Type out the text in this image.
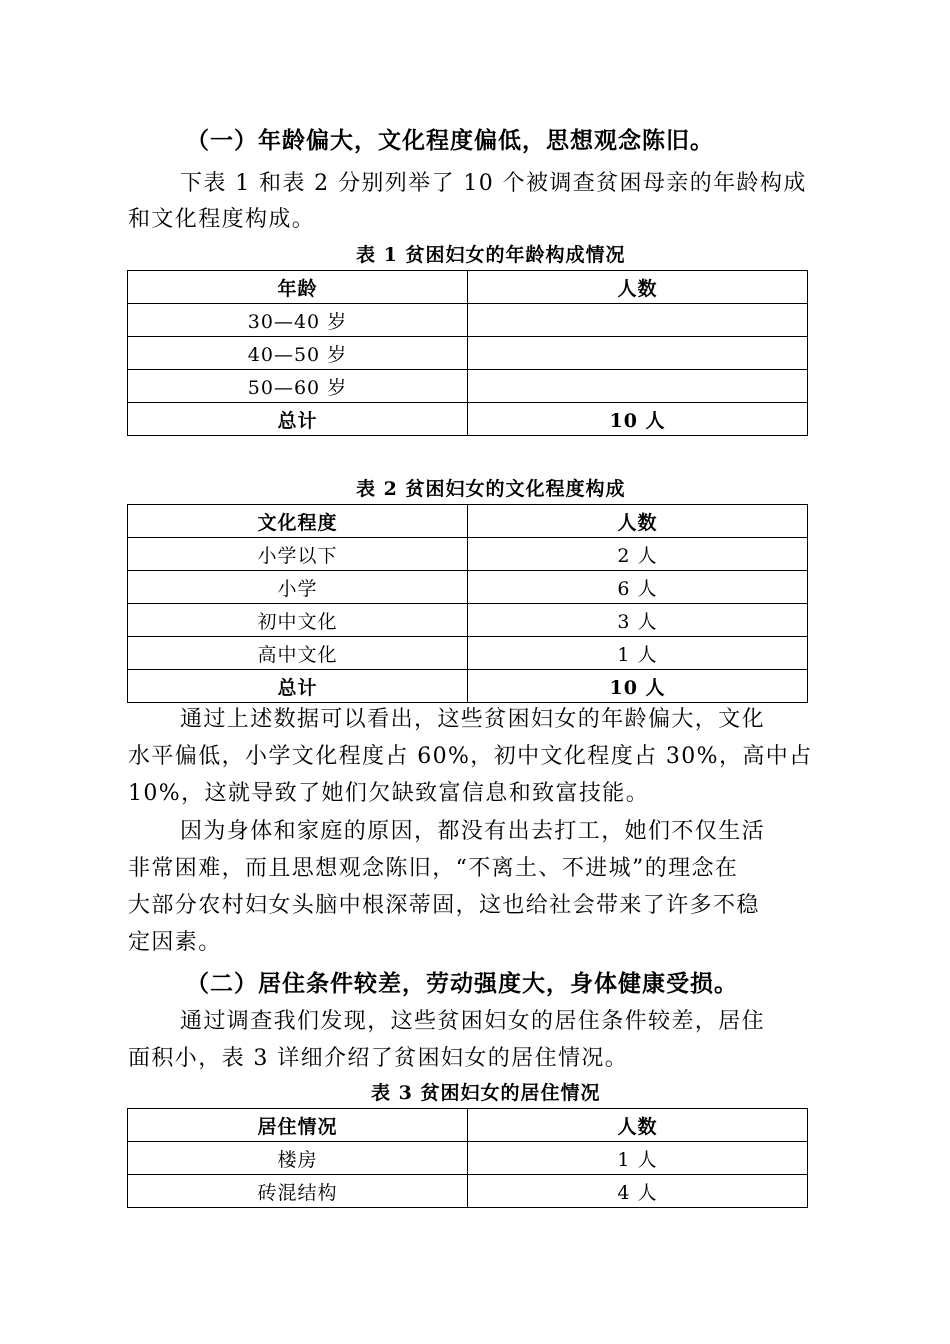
（一）年龄偏大，文化程度偏低，思想观念陈旧。
下表 1 和表 2 分别列举了 10 个被调查贫困母亲的年龄构成
和文化程度构成。
表 1 贫困妇女的年龄构成情况
年龄	人数
30—40 岁	
40—50 岁	
50—60 岁	
总计	10 人
表 2 贫困妇女的文化程度构成
文化程度	人数
小学以下	2 人
小学	6 人
初中文化	3 人
高中文化	1 人
总计	10 人
通过上述数据可以看出，这些贫困妇女的年龄偏大，文化
水平偏低，小学文化程度占 60%，初中文化程度占 30%，高中占
10%，这就导致了她们欠缺致富信息和致富技能。
因为身体和家庭的原因，都没有出去打工，她们不仅生活
非常困难，而且思想观念陈旧，“不离土、不进城”的理念在
大部分农村妇女头脑中根深蒂固，这也给社会带来了许多不稳
定因素。
（二）居住条件较差，劳动强度大，身体健康受损。
通过调查我们发现，这些贫困妇女的居住条件较差，居住
面积小，表 3 详细介绍了贫困妇女的居住情况。
表 3 贫困妇女的居住情况
居住情况	人数
楼房	1 人
砖混结构	4 人
